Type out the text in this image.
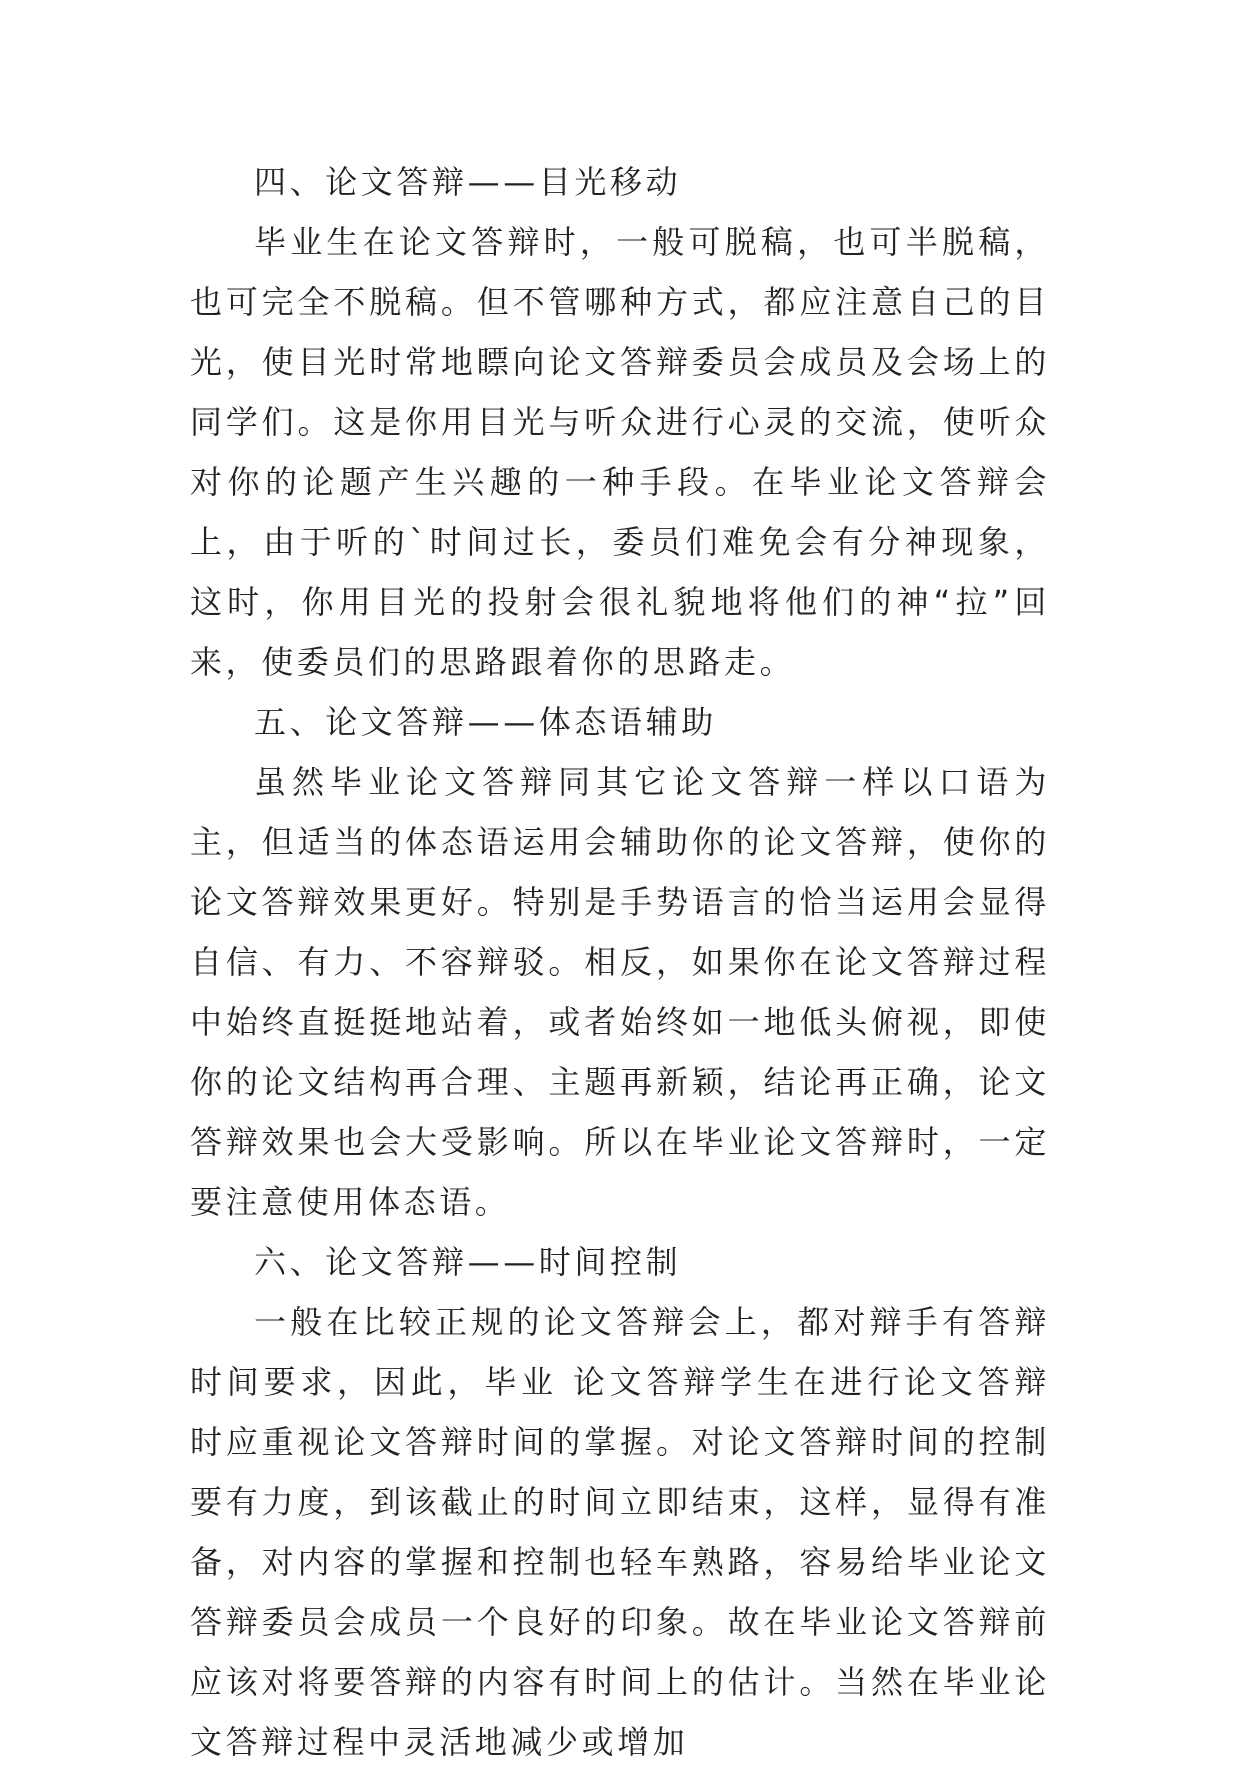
四、论文答辩——目光移动

毕业生在论文答辩时，一般可脱稿，也可半脱稿，也可完全不脱稿。但不管哪种方式，都应注意自己的目光，使目光时常地瞟向论文答辩委员会成员及会场上的同学们。这是你用目光与听众进行心灵的交流，使听众对你的论题产生兴趣的一种手段。在毕业论文答辩会上，由于听的`时间过长，委员们难免会有分神现象，这时，你用目光的投射会很礼貌地将他们的神“拉”回来，使委员们的思路跟着你的思路走。

五、论文答辩——体态语辅助

虽然毕业论文答辩同其它论文答辩一样以口语为主，但适当的体态语运用会辅助你的论文答辩，使你的论文答辩效果更好。特别是手势语言的恰当运用会显得自信、有力、不容辩驳。相反，如果你在论文答辩过程中始终直挺挺地站着，或者始终如一地低头俯视，即使你的论文结构再合理、主题再新颖，结论再正确，论文答辩效果也会大受影响。所以在毕业论文答辩时，一定要注意使用体态语。

六、论文答辩——时间控制

一般在比较正规的论文答辩会上，都对辩手有答辩时间要求，因此，毕业 论文答辩学生在进行论文答辩时应重视论文答辩时间的掌握。对论文答辩时间的控制要有力度，到该截止的时间立即结束，这样，显得有准备，对内容的掌握和控制也轻车熟路，容易给毕业论文答辩委员会成员一个良好的印象。故在毕业论文答辩前应该对将要答辩的内容有时间上的估计。当然在毕业论文答辩过程中灵活地减少或增加
